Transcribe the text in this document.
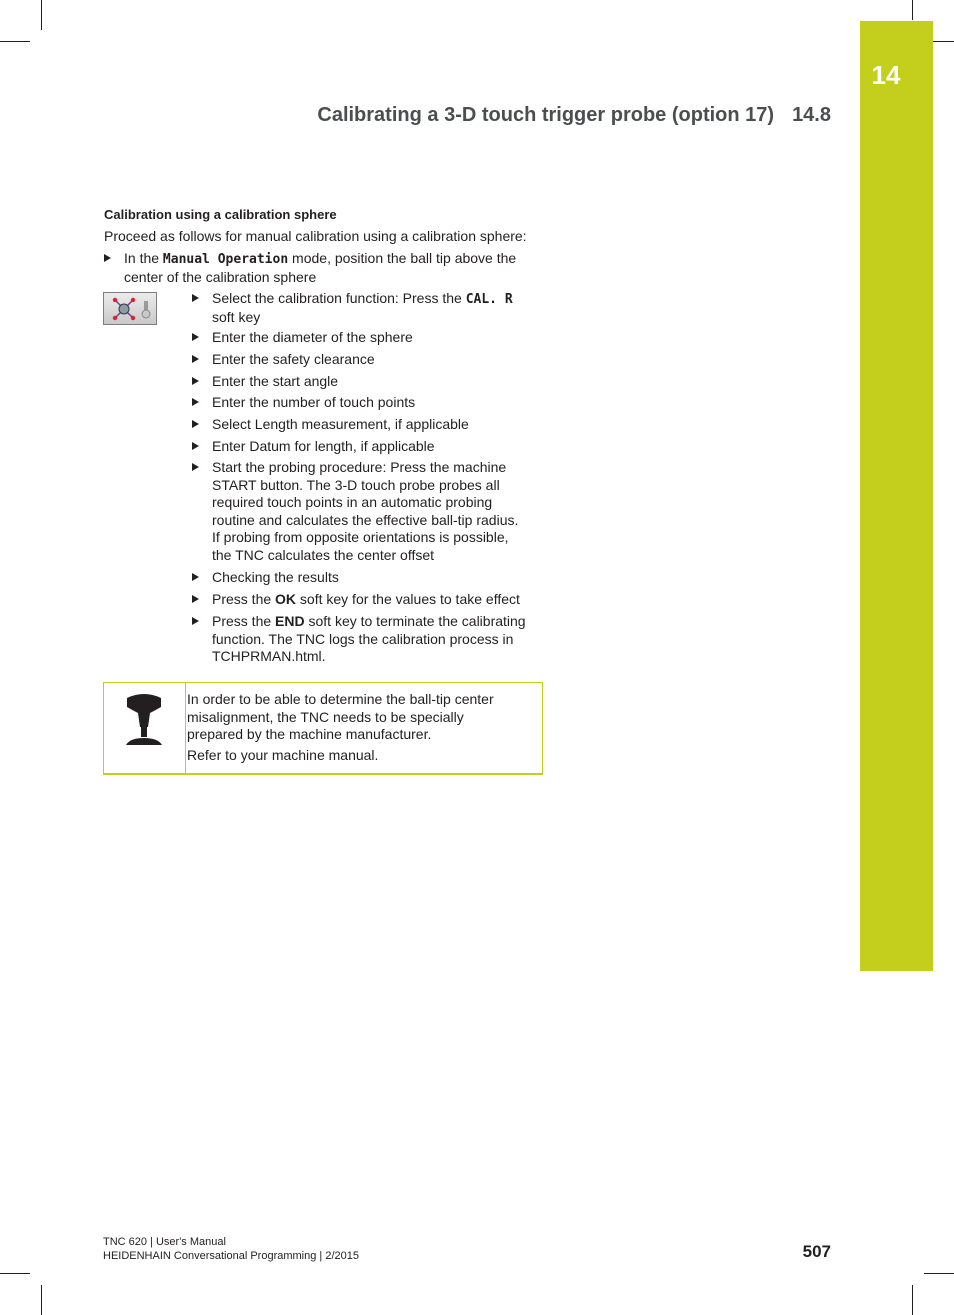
14
Calibrating a 3-D touch trigger probe (option 17) 14.8
Calibration using a calibration sphere

Proceed as follows for manual calibration using a calibration sphere:

In the Manual Operation mode, position the ball tip above the
center of the calibration sphere
Select the calibration function: Press the CAL. R
soft key
Enter the diameter of the sphere
Enter the safety clearance
Enter the start angle
Enter the number of touch points
Select Length measurement, if applicable
Enter Datum for length, if applicable
Start the probing procedure: Press the machine
START button. The 3-D touch probe probes all
required touch points in an automatic probing
routine and calculates the effective ball-tip radius.
If probing from opposite orientations is possible,
the TNC calculates the center offset
Checking the results
Press the OK soft key for the values to take effect
Press the END soft key to terminate the calibrating
function. The TNC logs the calibration process in
TCHPRMAN.html.

In order to be able to determine the ball-tip center
misalignment, the TNC needs to be specially
prepared by the machine manufacturer.

Refer to your machine manual.

TNC 620 | User's Manual

HEIDENHAIN Conversational Programming | 2/2015	507
